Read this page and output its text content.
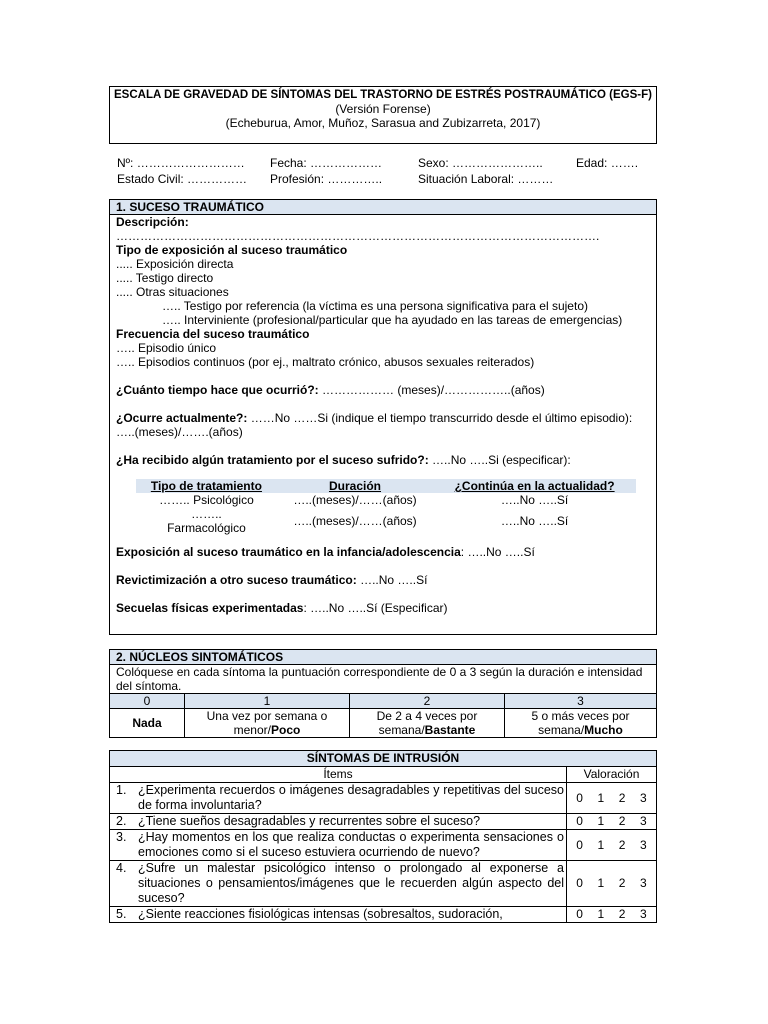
ESCALA DE GRAVEDAD DE SÍNTOMAS DEL TRASTORNO DE ESTRÉS POSTRAUMÁTICO (EGS-F)
(Versión Forense)
(Echeburua, Amor, Muñoz, Sarasua and Zubizarreta, 2017)
Nº: ……………………… Fecha: ………………	Sexo: …………………..	Edad: …….
Estado Civil: …………… Profesión: …………..	Situación Laboral: ………
1. SUCESO TRAUMÁTICO
Descripción:
………………………………………………………………………………………………………….
Tipo de exposición al suceso traumático
..... Exposición directa
..... Testigo directo
..... Otras situaciones
….. Testigo por referencia (la víctima es una persona significativa para el sujeto)
….. Interviniente (profesional/particular que ha ayudado en las tareas de emergencias)
Frecuencia del suceso traumático
….. Episodio único
….. Episodios continuos (por ej., maltrato crónico, abusos sexuales reiterados)
¿Cuánto tiempo hace que ocurrió?: ……………… (meses)/……………..(años)
¿Ocurre actualmente?: ……No ……Si (indique el tiempo transcurrido desde el último episodio): …..(meses)/…….(años)
¿Ha recibido algún tratamiento por el suceso sufrido?: …..No …..Si (especificar):
Tipo de tratamiento	Duración	¿Continúa en la actualidad?
…….. Psicológico	…..(meses)/……(años)	…..No …..Sí
……..
Farmacológico	…..(meses)/……(años)	…..No …..Sí
Exposición al suceso traumático en la infancia/adolescencia: …..No …..Sí
Revictimización a otro suceso traumático: …..No …..Sí
Secuelas físicas experimentadas: …..No …..Sí (Especificar)
2. NÚCLEOS SINTOMÁTICOS			
Colóquese en cada síntoma la puntuación correspondiente de 0 a 3 según la duración e intensidad del síntoma.			
0	1	2	3
Nada	Una vez por semana o menor/Poco	De 2 a 4 veces por semana/Bastante	5 o más veces por semana/Mucho
SÍNTOMAS DE INTRUSIÓN	
Ítems	Valoración

1. ¿Experimenta recuerdos o imágenes desagradables y repetitivas del suceso de forma involuntaria?	0 1 2 3

2. ¿Tiene sueños desagradables y recurrentes sobre el suceso?	0 1 2 3

3. ¿Hay momentos en los que realiza conductas o experimenta sensaciones o emociones como si el suceso estuviera ocurriendo de nuevo?	0 1 2 3

4. ¿Sufre un malestar psicológico intenso o prolongado al exponerse a situaciones o pensamientos/imágenes que le recuerden algún aspecto del suceso?	0 1 2 3

5. ¿Siente reacciones fisiológicas intensas (sobresaltos, sudoración,	0 1 2 3
